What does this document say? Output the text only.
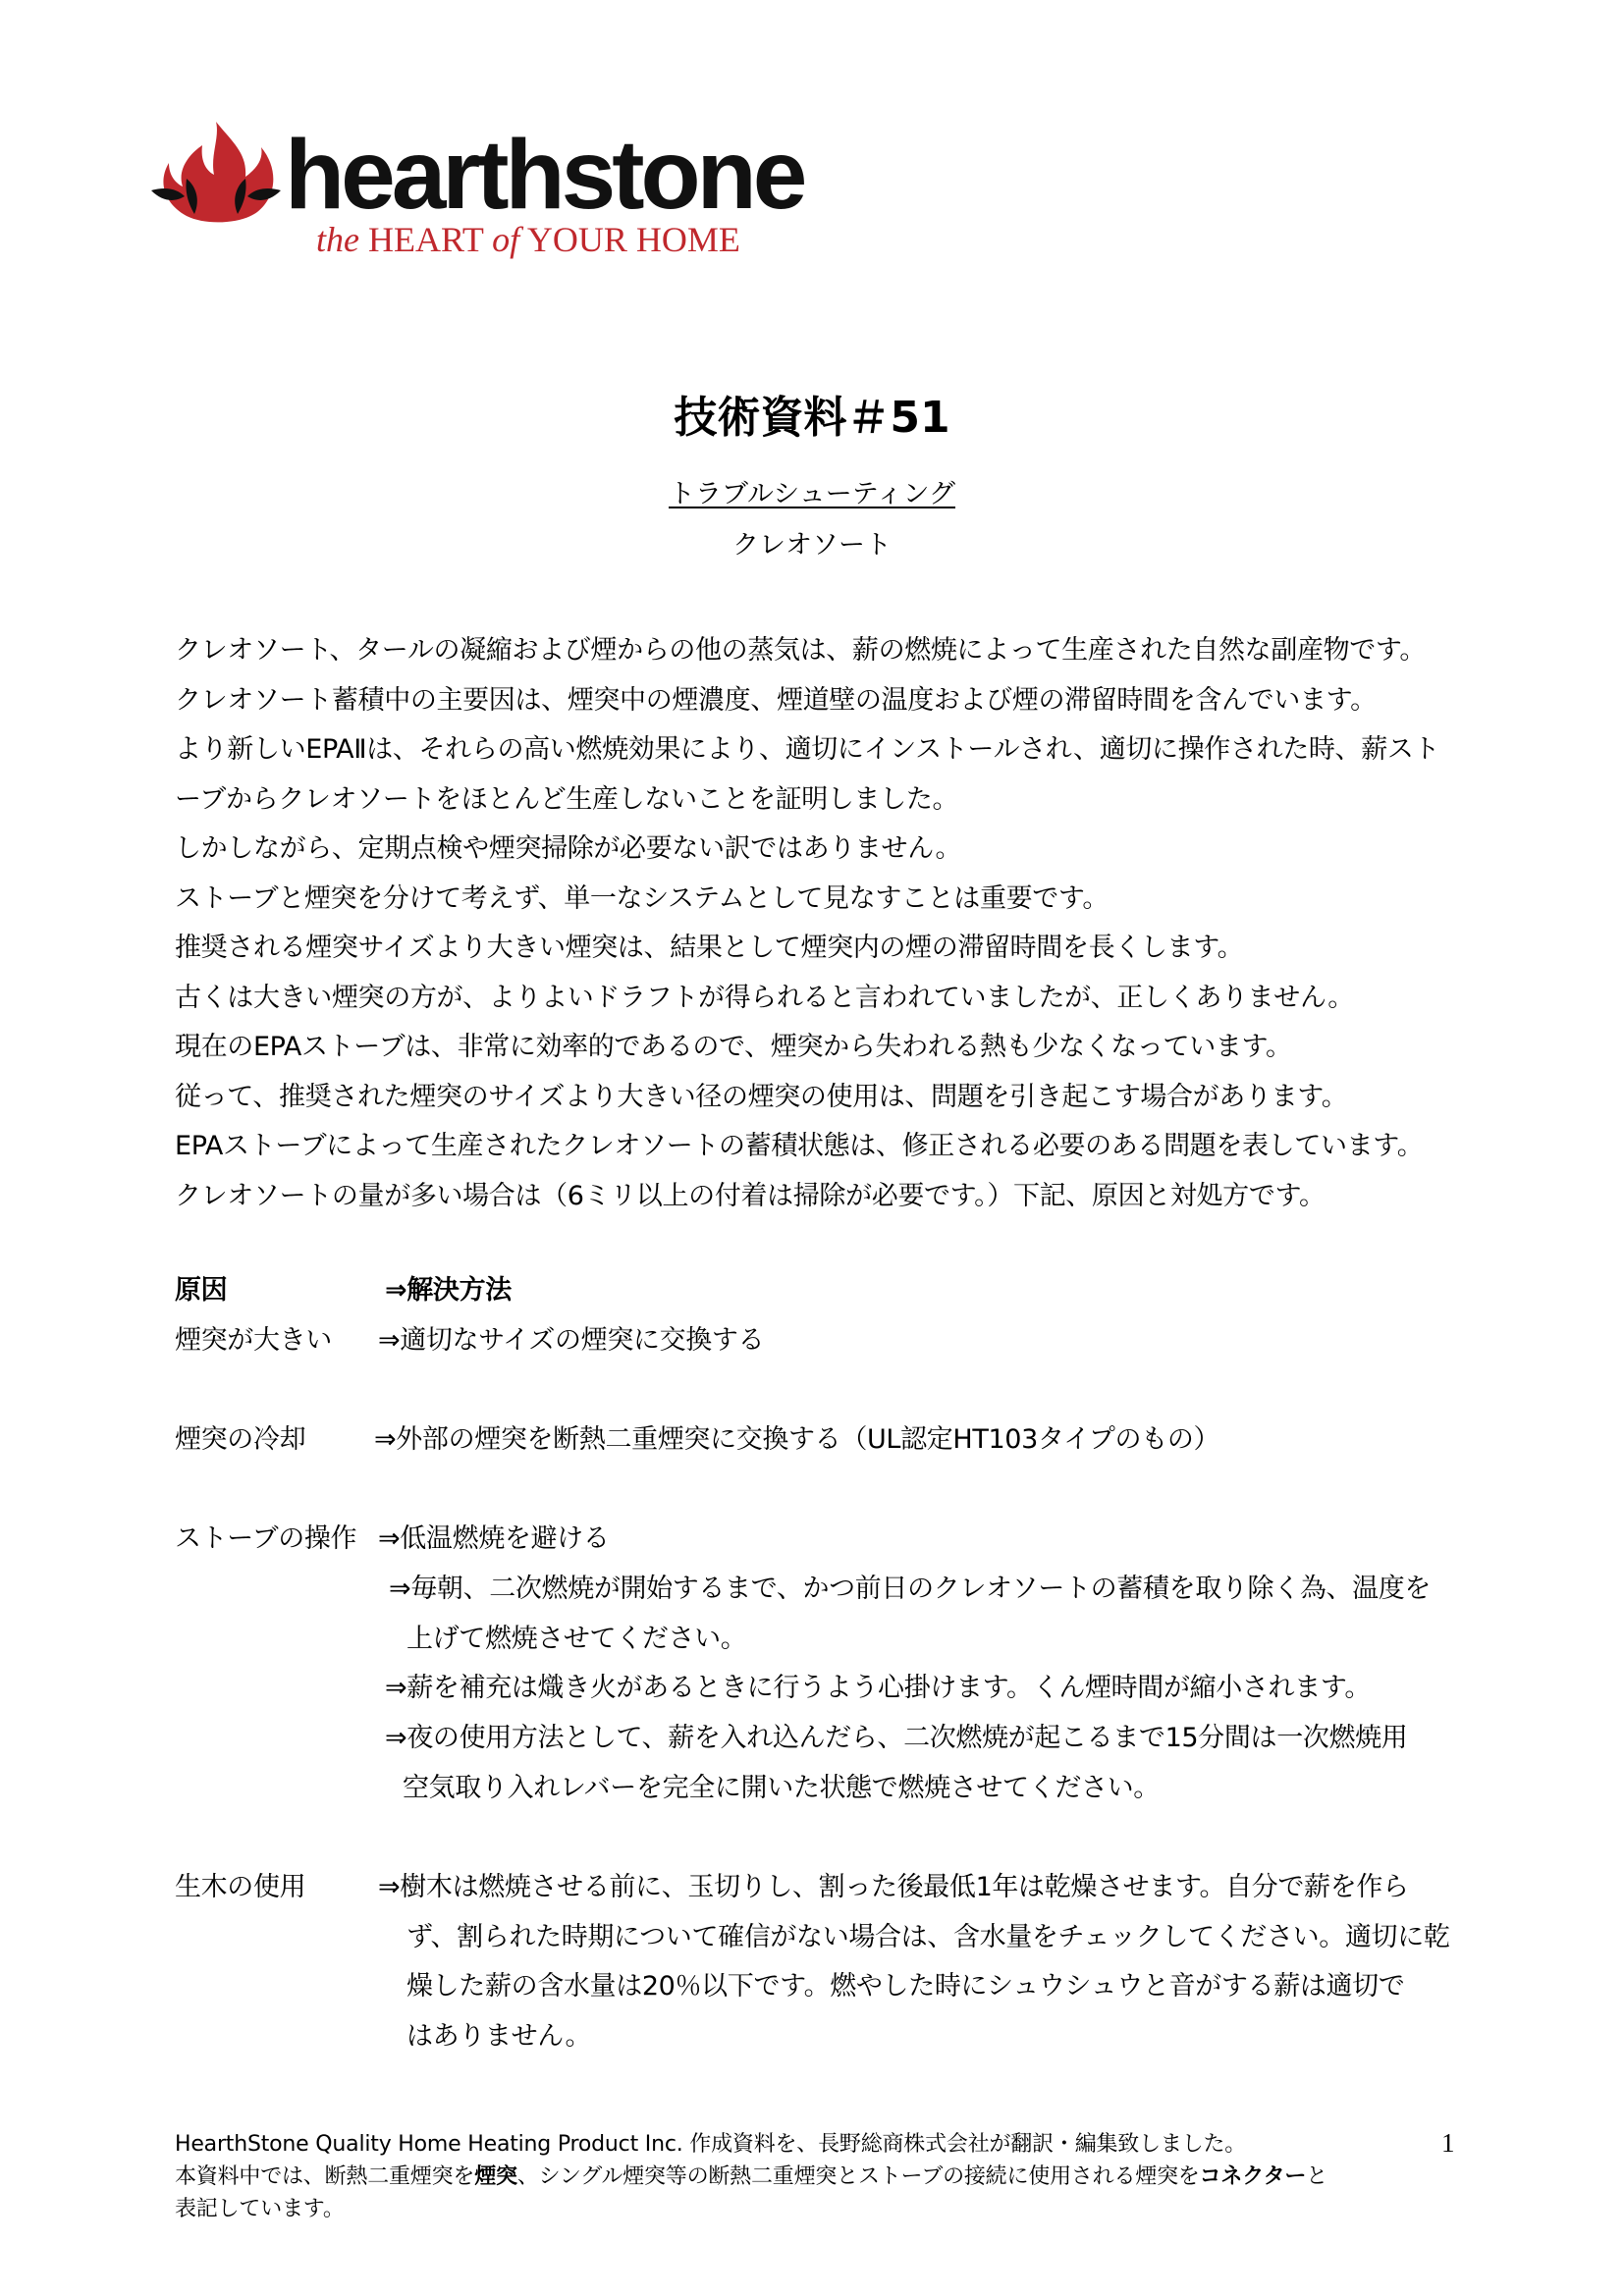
hearthstone
the HEART of YOUR HOME
技術資料＃51
トラブルシューティング
クレオソート

クレオソート、タールの凝縮および煙からの他の蒸気は、薪の燃焼によって生産された自然な副産物です。

クレオソート蓄積中の主要因は、煙突中の煙濃度、煙道壁の温度および煙の滞留時間を含んでいます。

より新しいEPAⅡは、それらの高い燃焼効果により、適切にインストールされ、適切に操作された時、薪スト

ーブからクレオソートをほとんど生産しないことを証明しました。

しかしながら、定期点検や煙突掃除が必要ない訳ではありません。

ストーブと煙突を分けて考えず、単一なシステムとして見なすことは重要です。

推奨される煙突サイズより大きい煙突は、結果として煙突内の煙の滞留時間を長くします。

古くは大きい煙突の方が、よりよいドラフトが得られると言われていましたが、正しくありません。

現在のEPAストーブは、非常に効率的であるので、煙突から失われる熱も少なくなっています。

従って、推奨された煙突のサイズより大きい径の煙突の使用は、問題を引き起こす場合があります。

EPAストーブによって生産されたクレオソートの蓄積状態は、修正される必要のある問題を表しています。

クレオソートの量が多い場合は（6ミリ以上の付着は掃除が必要です。）下記、原因と対処方です。

原因	⇒解決方法
煙突が大きい ⇒適切なサイズの煙突に交換する
煙突の冷却	⇒外部の煙突を断熱二重煙突に交換する（UL認定HT103タイプのもの）
ストーブの操作 ⇒低温燃焼を避ける
⇒毎朝、二次燃焼が開始するまで、かつ前日のクレオソートの蓄積を取り除く為、温度を
上げて燃焼させてください。
⇒薪を補充は熾き火があるときに行うよう心掛けます。くん煙時間が縮小されます。
⇒夜の使用方法として、薪を入れ込んだら、二次燃焼が起こるまで15分間は一次燃焼用
空気取り入れレバーを完全に開いた状態で燃焼させてください。
生木の使用	⇒樹木は燃焼させる前に、玉切りし、割った後最低1年は乾燥させます。自分で薪を作ら
ず、割られた時期について確信がない場合は、含水量をチェックしてください。適切に乾
燥した薪の含水量は20％以下です。燃やした時にシュウシュウと音がする薪は適切で
はありません。

HearthStone Quality Home Heating Product Inc. 作成資料を、長野総商株式会社が翻訳・編集致しました。

本資料中では、断熱二重煙突を煙突、シングル煙突等の断熱二重煙突とストーブの接続に使用される煙突をコネクターと

表記しています。

1
